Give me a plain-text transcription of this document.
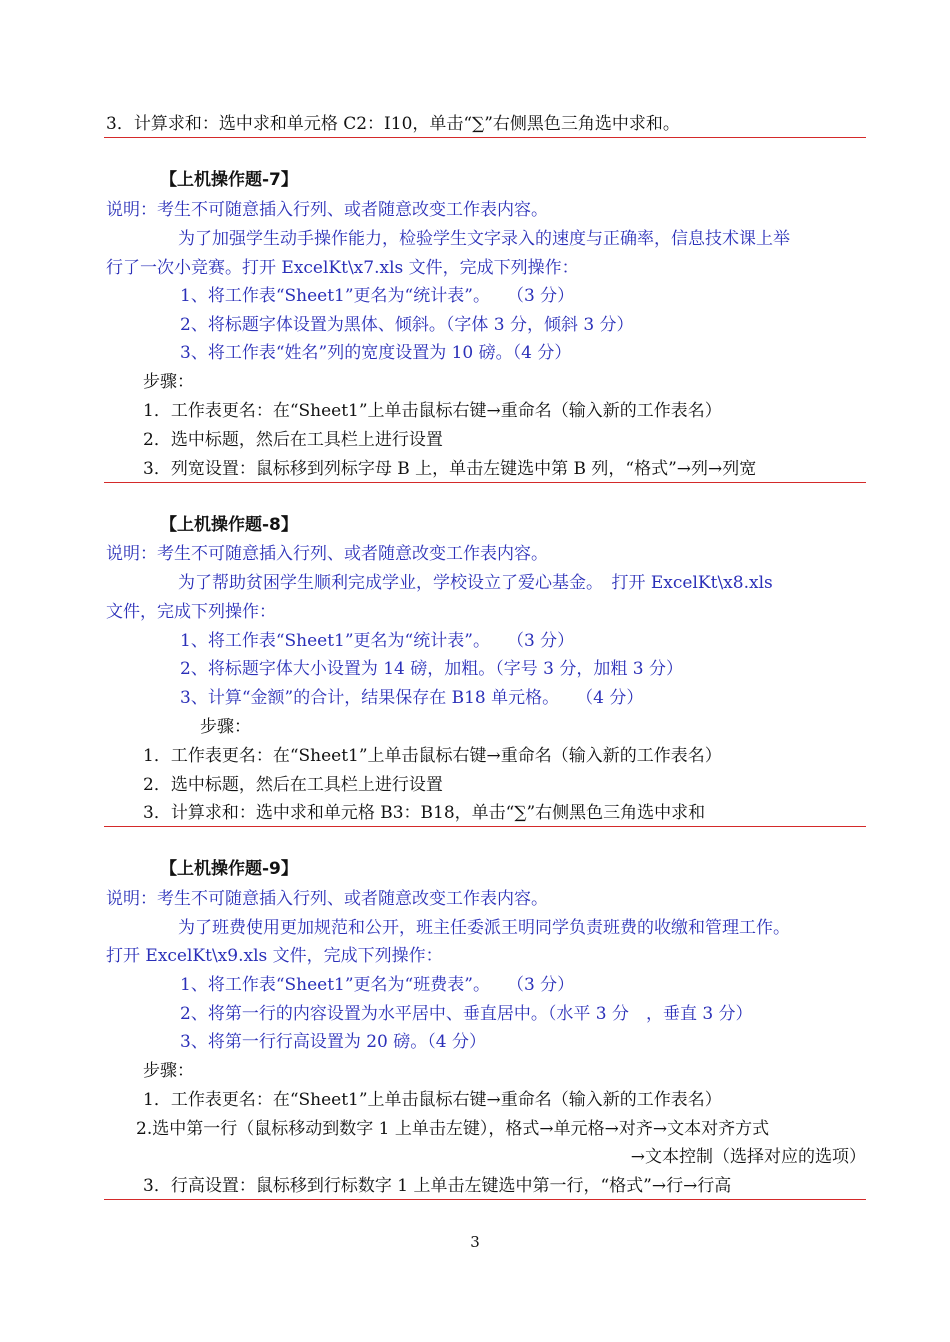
3．计算求和：选中求和单元格 C2：I10，单击“∑”右侧黑色三角选中求和。
【上机操作题-7】
说明：考生不可随意插入行列、或者随意改变工作表内容。
为了加强学生动手操作能力，检验学生文字录入的速度与正确率，信息技术课上举
行了一次小竞赛。打开 ExcelKt\x7.xls 文件，完成下列操作：
1、将工作表“Sheet1”更名为“统计表”。　　（3 分）
2、将标题字体设置为黑体、倾斜。（字体 3 分，倾斜 3 分）
3、将工作表“姓名”列的宽度设置为 10 磅。（4 分）
步骤：
1．工作表更名：在“Sheet1”上单击鼠标右键→重命名（输入新的工作表名）
2．选中标题，然后在工具栏上进行设置
3．列宽设置：鼠标移到列标字母 B 上，单击左键选中第 B 列，“格式”→列→列宽
【上机操作题-8】
说明：考生不可随意插入行列、或者随意改变工作表内容。
为了帮助贫困学生顺利完成学业，学校设立了爱心基金。　打开 ExcelKt\x8.xls
文件，完成下列操作：
1、将工作表“Sheet1”更名为“统计表”。　　（3 分）
2、将标题字体大小设置为 14 磅，加粗。（字号 3 分，加粗 3 分）
3、计算“金额”的合计，结果保存在 B18 单元格。　　（4 分）
步骤：
1．工作表更名：在“Sheet1”上单击鼠标右键→重命名（输入新的工作表名）
2．选中标题，然后在工具栏上进行设置
3．计算求和：选中求和单元格 B3：B18，单击“∑”右侧黑色三角选中求和
【上机操作题-9】
说明：考生不可随意插入行列、或者随意改变工作表内容。
为了班费使用更加规范和公开，班主任委派王明同学负责班费的收缴和管理工作。
打开 ExcelKt\x9.xls 文件，完成下列操作：
1、将工作表“Sheet1”更名为“班费表”。　　（3 分）
2、将第一行的内容设置为水平居中、垂直居中。（水平 3 分　，垂直 3 分）
3、将第一行行高设置为 20 磅。（4 分）
步骤：
1．工作表更名：在“Sheet1”上单击鼠标右键→重命名（输入新的工作表名）
2.选中第一行（鼠标移动到数字 1 上单击左键），格式→单元格→对齐→文本对齐方式
→文本控制（选择对应的选项）
3．行高设置：鼠标移到行标数字 1 上单击左键选中第一行，“格式”→行→行高
3
